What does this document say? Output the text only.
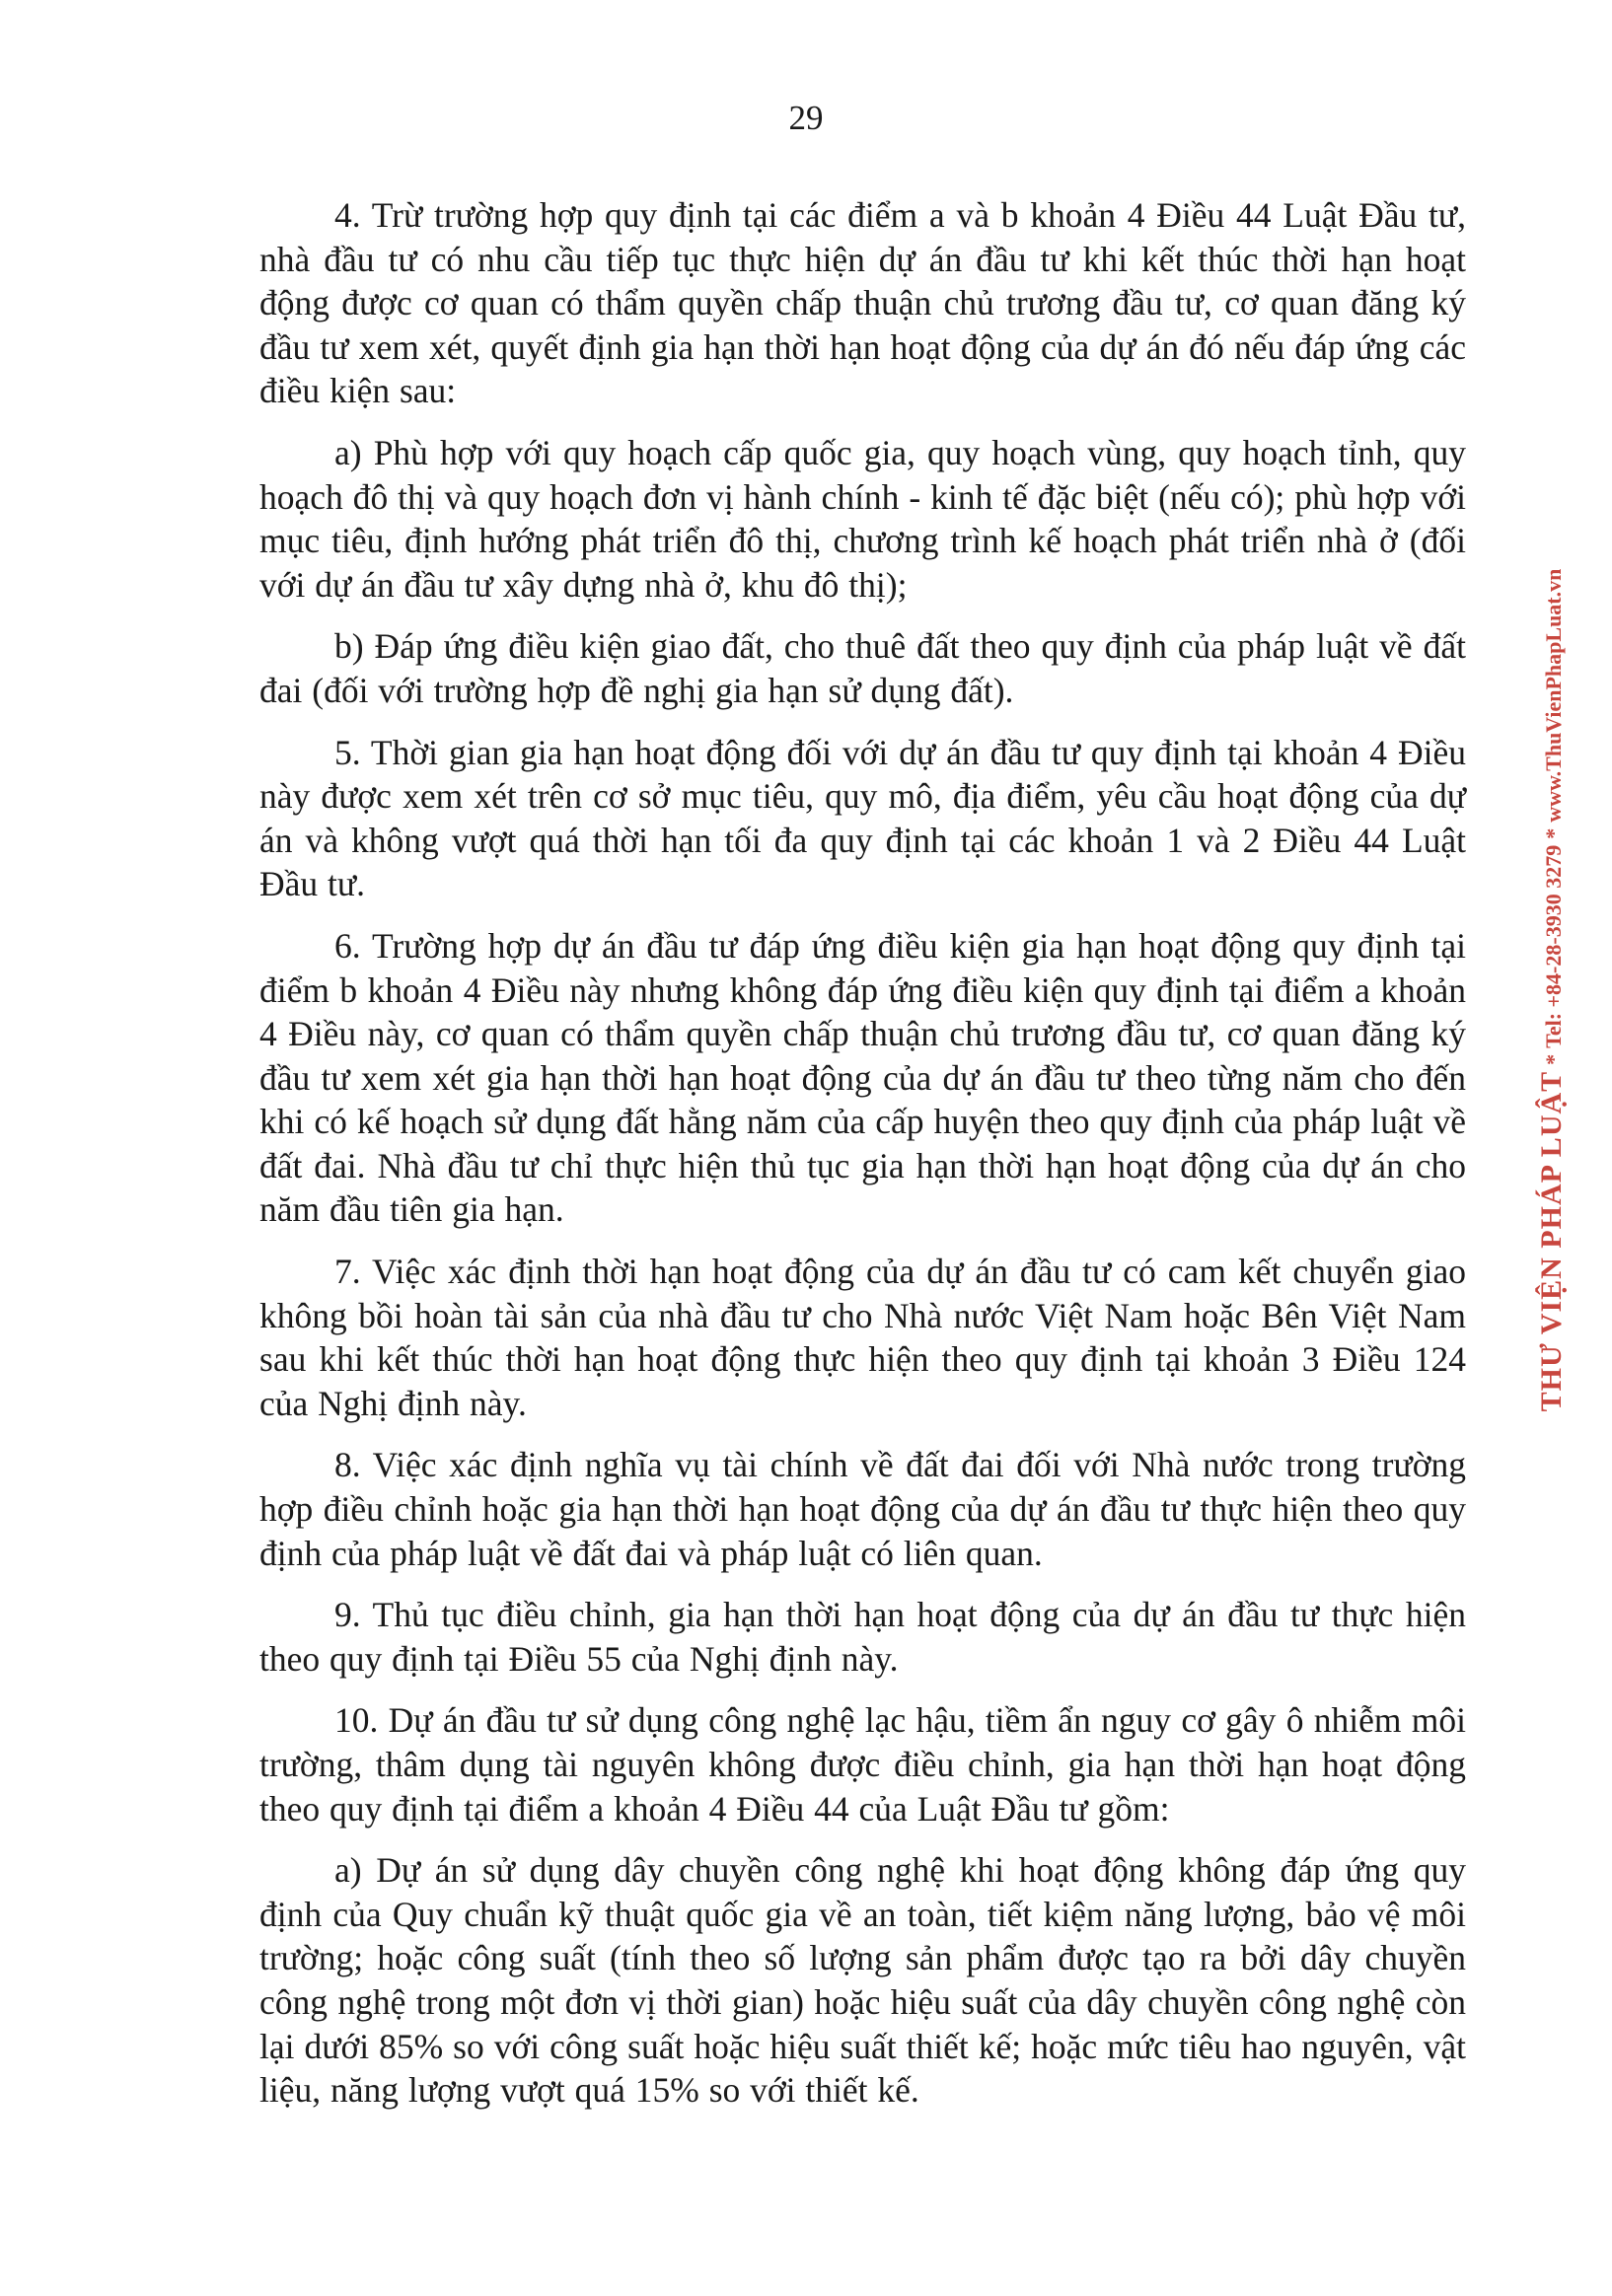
29

4. Trừ trường hợp quy định tại các điểm a và b khoản 4 Điều 44 Luật Đầu tư, nhà đầu tư có nhu cầu tiếp tục thực hiện dự án đầu tư khi kết thúc thời hạn hoạt động được cơ quan có thẩm quyền chấp thuận chủ trương đầu tư, cơ quan đăng ký đầu tư xem xét, quyết định gia hạn thời hạn hoạt động của dự án đó nếu đáp ứng các điều kiện sau:

a) Phù hợp với quy hoạch cấp quốc gia, quy hoạch vùng, quy hoạch tỉnh, quy hoạch đô thị và quy hoạch đơn vị hành chính - kinh tế đặc biệt (nếu có); phù hợp với mục tiêu, định hướng phát triển đô thị, chương trình kế hoạch phát triển nhà ở (đối với dự án đầu tư xây dựng nhà ở, khu đô thị);

b) Đáp ứng điều kiện giao đất, cho thuê đất theo quy định của pháp luật về đất đai (đối với trường hợp đề nghị gia hạn sử dụng đất).

5. Thời gian gia hạn hoạt động đối với dự án đầu tư quy định tại khoản 4 Điều này được xem xét trên cơ sở mục tiêu, quy mô, địa điểm, yêu cầu hoạt động của dự án và không vượt quá thời hạn tối đa quy định tại các khoản 1 và 2 Điều 44 Luật Đầu tư.

6. Trường hợp dự án đầu tư đáp ứng điều kiện gia hạn hoạt động quy định tại điểm b khoản 4 Điều này nhưng không đáp ứng điều kiện quy định tại điểm a khoản 4 Điều này, cơ quan có thẩm quyền chấp thuận chủ trương đầu tư, cơ quan đăng ký đầu tư xem xét gia hạn thời hạn hoạt động của dự án đầu tư theo từng năm cho đến khi có kế hoạch sử dụng đất hằng năm của cấp huyện theo quy định của pháp luật về đất đai. Nhà đầu tư chỉ thực hiện thủ tục gia hạn thời hạn hoạt động của dự án cho năm đầu tiên gia hạn.

7. Việc xác định thời hạn hoạt động của dự án đầu tư có cam kết chuyển giao không bồi hoàn tài sản của nhà đầu tư cho Nhà nước Việt Nam hoặc Bên Việt Nam sau khi kết thúc thời hạn hoạt động thực hiện theo quy định tại khoản 3 Điều 124 của Nghị định này.

8. Việc xác định nghĩa vụ tài chính về đất đai đối với Nhà nước trong trường hợp điều chỉnh hoặc gia hạn thời hạn hoạt động của dự án đầu tư thực hiện theo quy định của pháp luật về đất đai và pháp luật có liên quan.

9. Thủ tục điều chỉnh, gia hạn thời hạn hoạt động của dự án đầu tư thực hiện theo quy định tại Điều 55 của Nghị định này.

10. Dự án đầu tư sử dụng công nghệ lạc hậu, tiềm ẩn nguy cơ gây ô nhiễm môi trường, thâm dụng tài nguyên không được điều chỉnh, gia hạn thời hạn hoạt động theo quy định tại điểm a khoản 4 Điều 44 của Luật Đầu tư gồm:

a) Dự án sử dụng dây chuyền công nghệ khi hoạt động không đáp ứng quy định của Quy chuẩn kỹ thuật quốc gia về an toàn, tiết kiệm năng lượng, bảo vệ môi trường; hoặc công suất (tính theo số lượng sản phẩm được tạo ra bởi dây chuyền công nghệ trong một đơn vị thời gian) hoặc hiệu suất của dây chuyền công nghệ còn lại dưới 85% so với công suất hoặc hiệu suất thiết kế; hoặc mức tiêu hao nguyên, vật liệu, năng lượng vượt quá 15% so với thiết kế.

THƯ VIỆN PHÁP LUẬT*Tel: +84-28-3930 3279*www.ThuVienPhapLuat.vn
